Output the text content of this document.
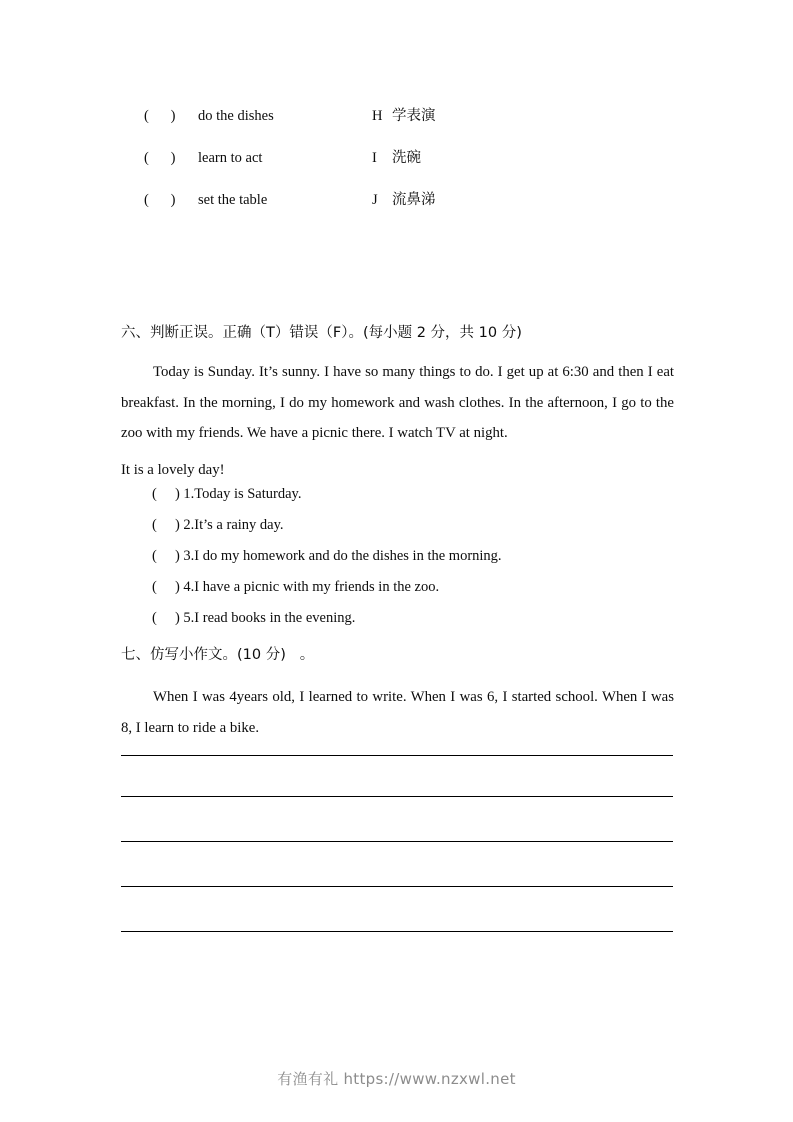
(      )	do the dishes	H 学表演
(      )	learn to act	I	洗碗
(      )	set the table	J 流鼻涕
六、判断正误。正确（T）错误（F）。(每小题 2 分，共 10 分)
Today is Sunday. It’s sunny. I have so many things to do. I get up at 6:30 and then I eat breakfast. In the morning, I do my homework and wash clothes. In the afternoon, I go to the zoo with my friends. We have a picnic there. I watch TV at night.
It is a lovely day!
(     ) 1.Today is Saturday.
(     ) 2.It’s a rainy day.
(     ) 3.I do my homework and do the dishes in the morning.
(     ) 4.I have a picnic with my friends in the zoo.
(     ) 5.I read books in the evening.
七、仿写小作文。(10 分)   。
When I was 4years old, I learned to write. When I was 6, I started school. When I was 8, I learn to ride a bike.
有渔有礼 https://www.nzxwl.net
